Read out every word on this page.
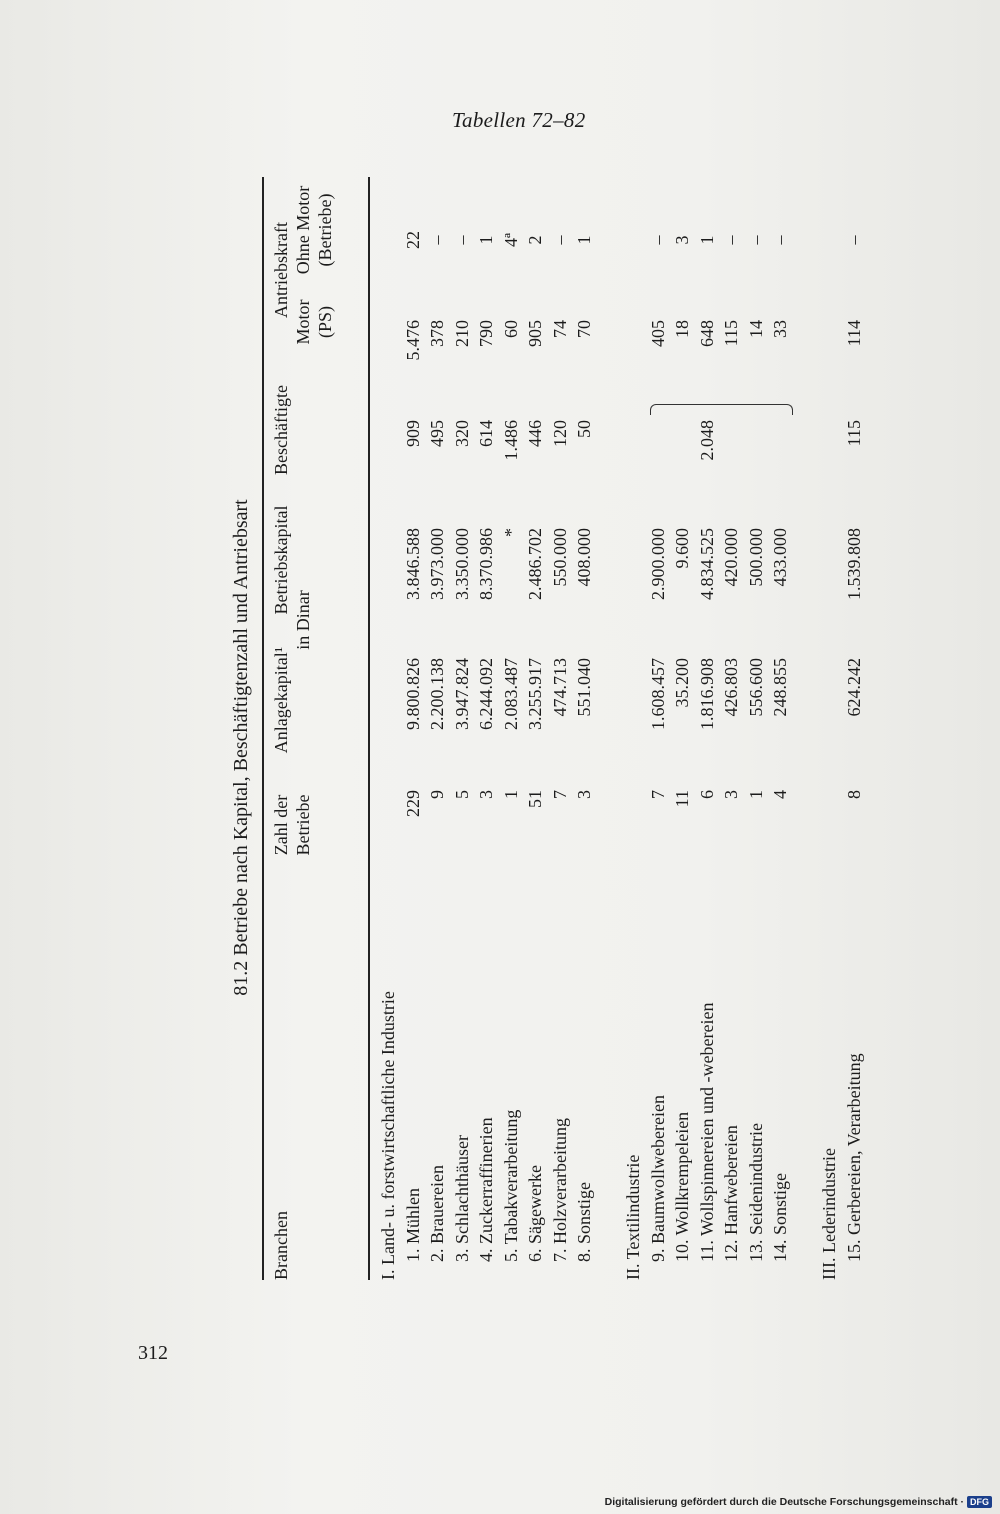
Tabellen 72–82
312
81.2 Betriebe nach Kapital, Beschäftigtenzahl und Antriebsart
Branchen
Zahl der Betriebe
Anlagekapital¹
Betriebskapital
in Dinar
Beschäftigte
Antriebskraft
Motor (PS)
Ohne Motor (Betriebe)
I. Land- u. forstwirtschaftliche Industrie 1. Mühlen
229
9.800.826
3.846.588
909
5.476
22
2. Brauereien
9
2.200.138
3.973.000
495
378
–
3. Schlachthäuser
5
3.947.824
3.350.000
320
210
–
4. Zuckerraffinerien
3
6.244.092
8.370.986
614
790
1
5. Tabakverarbeitung
1
2.083.487
*
1.486
60
4ª
6. Sägewerke
51
3.255.917
2.486.702
446
905
2
7. Holzverarbeitung
7
474.713
550.000
120
74
–
8. Sonstige
3
551.040
408.000
50
70
1
II. Textilindustrie 9. Baumwollwebereien
7
1.608.457
2.900.000
405
–
10. Wollkrempeleien
11
35.200
9.600
18
3
11. Wollspinnereien und -webereien
6
1.816.908
4.834.525
2.048
648
1
12. Hanfwebereien
3
426.803
420.000
115
–
13. Seidenindustrie
1
556.600
500.000
14
–
14. Sonstige
4
248.855
433.000
33
–
III. Lederindustrie 15. Gerbereien, Verarbeitung
8
624.242
1.539.808
115
114
–
Digitalisierung gefördert durch die Deutsche Forschungsgemeinschaft · DFG
